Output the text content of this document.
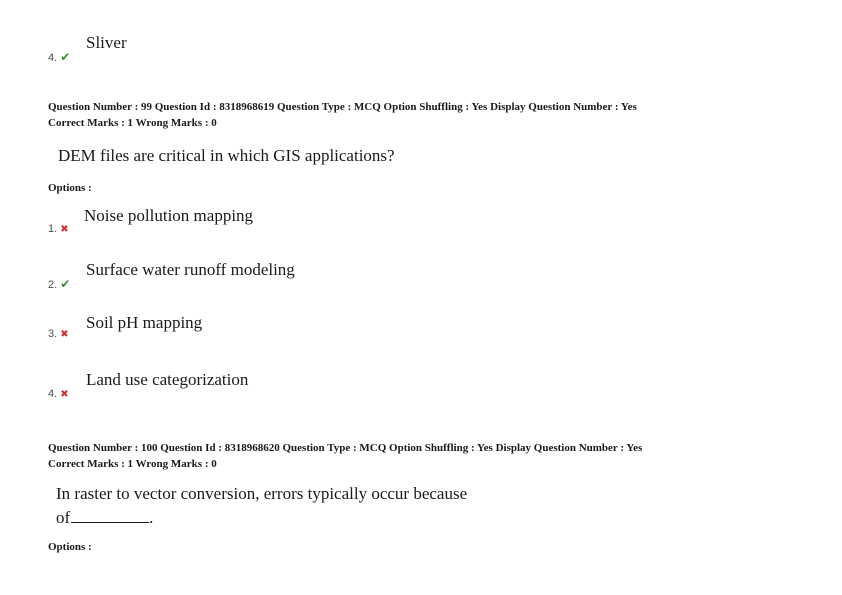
Sliver
4. ✔
Question Number : 99 Question Id : 8318968619 Question Type : MCQ Option Shuffling : Yes Display Question Number : Yes
Correct Marks : 1 Wrong Marks : 0
DEM files are critical in which GIS applications?
Options :
Noise pollution mapping
1. ✖
Surface water runoff modeling
2. ✔
Soil pH mapping
3. ✖
Land use categorization
4. ✖
Question Number : 100 Question Id : 8318968620 Question Type : MCQ Option Shuffling : Yes Display Question Number : Yes
Correct Marks : 1 Wrong Marks : 0
In raster to vector conversion, errors typically occur because
of	.
Options :
